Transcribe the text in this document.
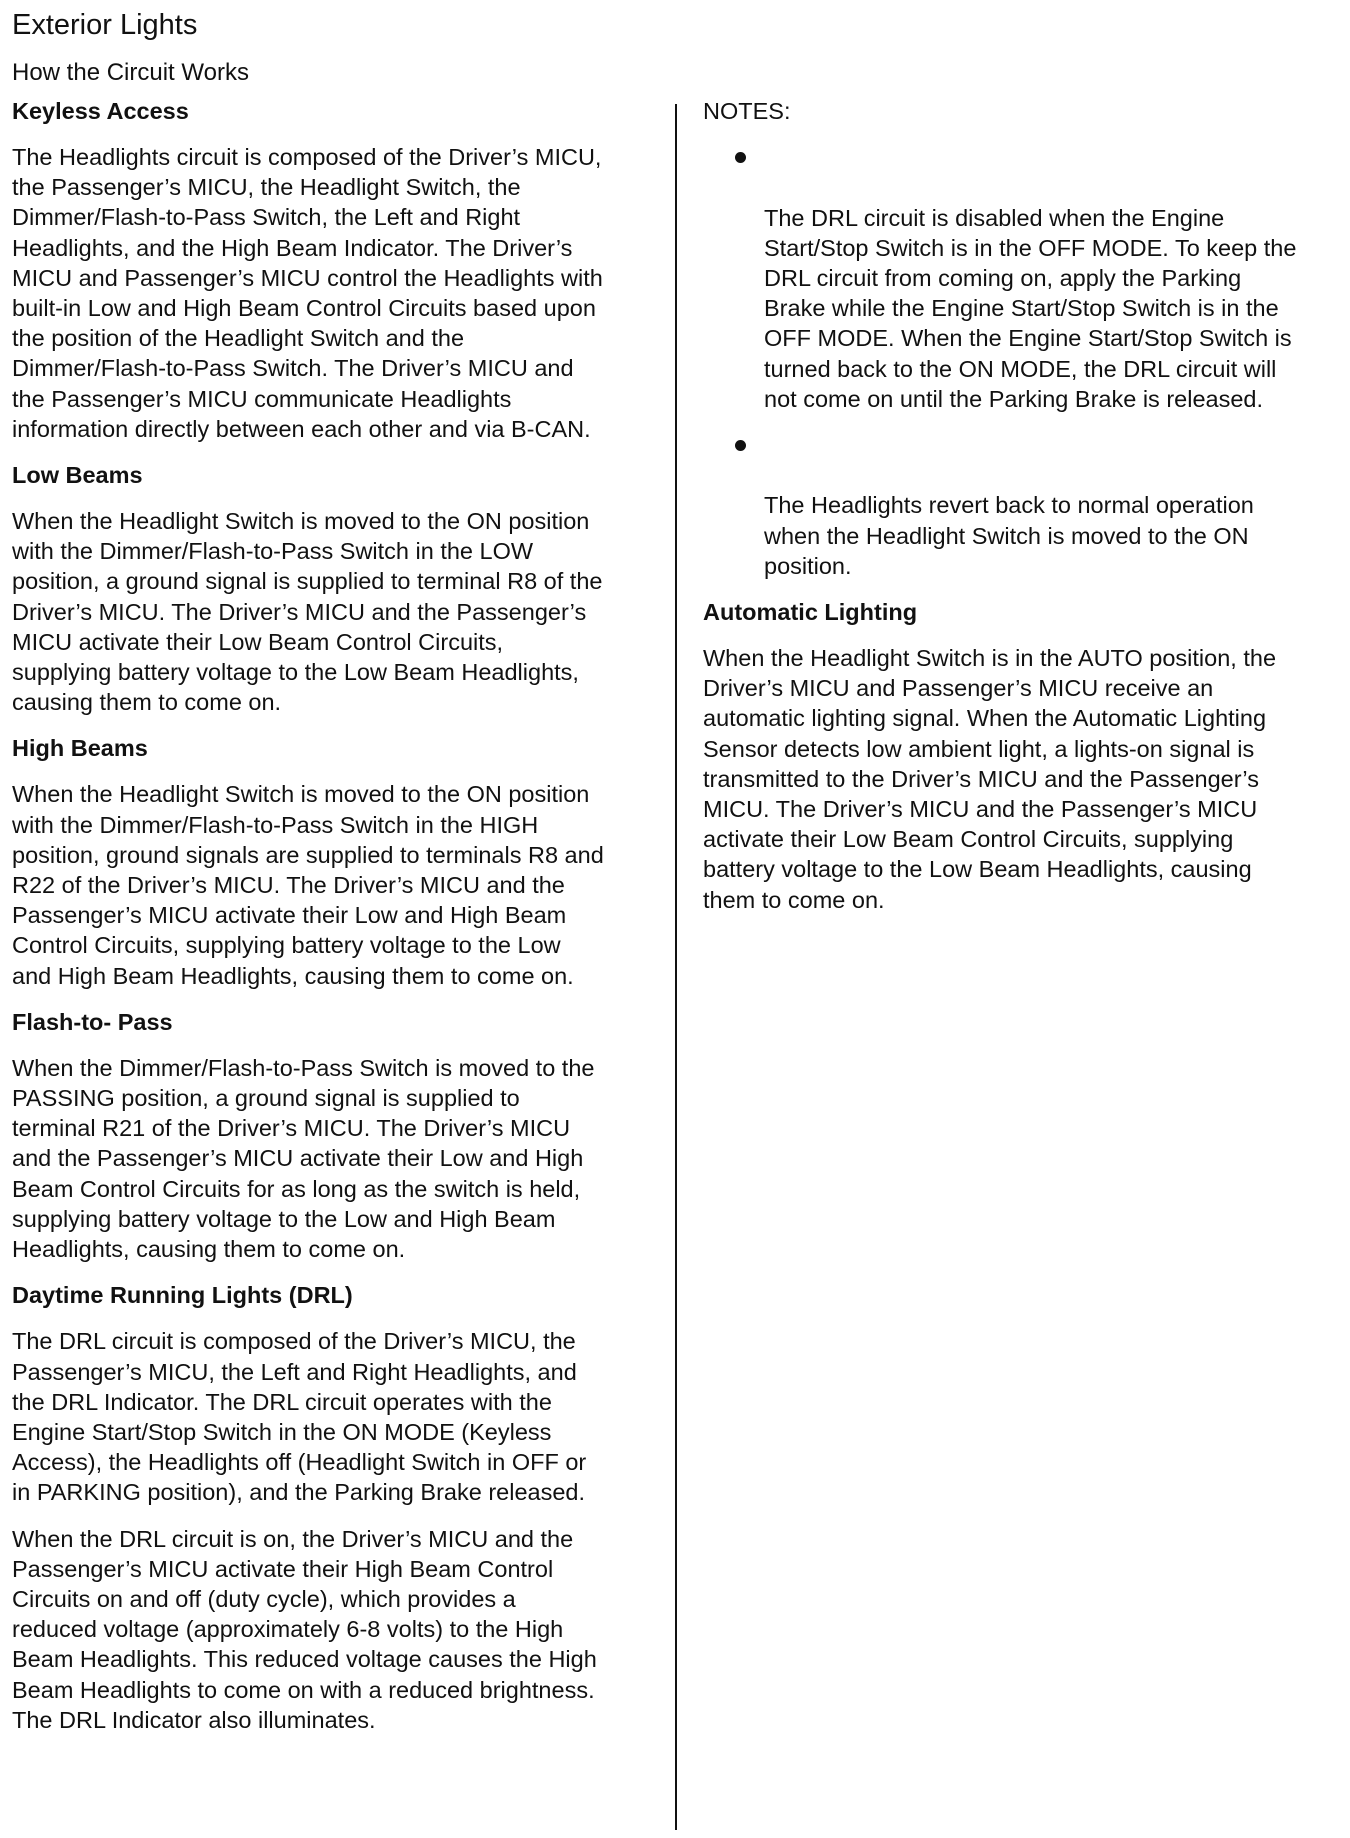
Exterior Lights
How the Circuit Works
Keyless Access

The Headlights circuit is composed of the Driver’s MICU,
the Passenger’s MICU, the Headlight Switch, the
Dimmer/Flash-to-Pass Switch, the Left and Right
Headlights, and the High Beam Indicator. The Driver’s
MICU and Passenger’s MICU control the Headlights with
built-in Low and High Beam Control Circuits based upon
the position of the Headlight Switch and the
Dimmer/Flash-to-Pass Switch. The Driver’s MICU and
the Passenger’s MICU communicate Headlights
information directly between each other and via B-CAN.

Low Beams

When the Headlight Switch is moved to the ON position
with the Dimmer/Flash-to-Pass Switch in the LOW
position, a ground signal is supplied to terminal R8 of the
Driver’s MICU. The Driver’s MICU and the Passenger’s
MICU activate their Low Beam Control Circuits,
supplying battery voltage to the Low Beam Headlights,
causing them to come on.

High Beams

When the Headlight Switch is moved to the ON position
with the Dimmer/Flash-to-Pass Switch in the HIGH
position, ground signals are supplied to terminals R8 and
R22 of the Driver’s MICU. The Driver’s MICU and the
Passenger’s MICU activate their Low and High Beam
Control Circuits, supplying battery voltage to the Low
and High Beam Headlights, causing them to come on.

Flash-to- Pass

When the Dimmer/Flash-to-Pass Switch is moved to the
PASSING position, a ground signal is supplied to
terminal R21 of the Driver’s MICU. The Driver’s MICU
and the Passenger’s MICU activate their Low and High
Beam Control Circuits for as long as the switch is held,
supplying battery voltage to the Low and High Beam
Headlights, causing them to come on.

Daytime Running Lights (DRL)

The DRL circuit is composed of the Driver’s MICU, the
Passenger’s MICU, the Left and Right Headlights, and
the DRL Indicator. The DRL circuit operates with the
Engine Start/Stop Switch in the ON MODE (Keyless
Access), the Headlights off (Headlight Switch in OFF or
in PARKING position), and the Parking Brake released.

When the DRL circuit is on, the Driver’s MICU and the
Passenger’s MICU activate their High Beam Control
Circuits on and off (duty cycle), which provides a
reduced voltage (approximately 6-8 volts) to the High
Beam Headlights. This reduced voltage causes the High
Beam Headlights to come on with a reduced brightness.
The DRL Indicator also illuminates.

NOTES:

The DRL circuit is disabled when the Engine
Start/Stop Switch is in the OFF MODE. To keep the
DRL circuit from coming on, apply the Parking
Brake while the Engine Start/Stop Switch is in the
OFF MODE. When the Engine Start/Stop Switch is
turned back to the ON MODE, the DRL circuit will
not come on until the Parking Brake is released.

The Headlights revert back to normal operation
when the Headlight Switch is moved to the ON
position.

Automatic Lighting

When the Headlight Switch is in the AUTO position, the
Driver’s MICU and Passenger’s MICU receive an
automatic lighting signal. When the Automatic Lighting
Sensor detects low ambient light, a lights-on signal is
transmitted to the Driver’s MICU and the Passenger’s
MICU. The Driver’s MICU and the Passenger’s MICU
activate their Low Beam Control Circuits, supplying
battery voltage to the Low Beam Headlights, causing
them to come on.
